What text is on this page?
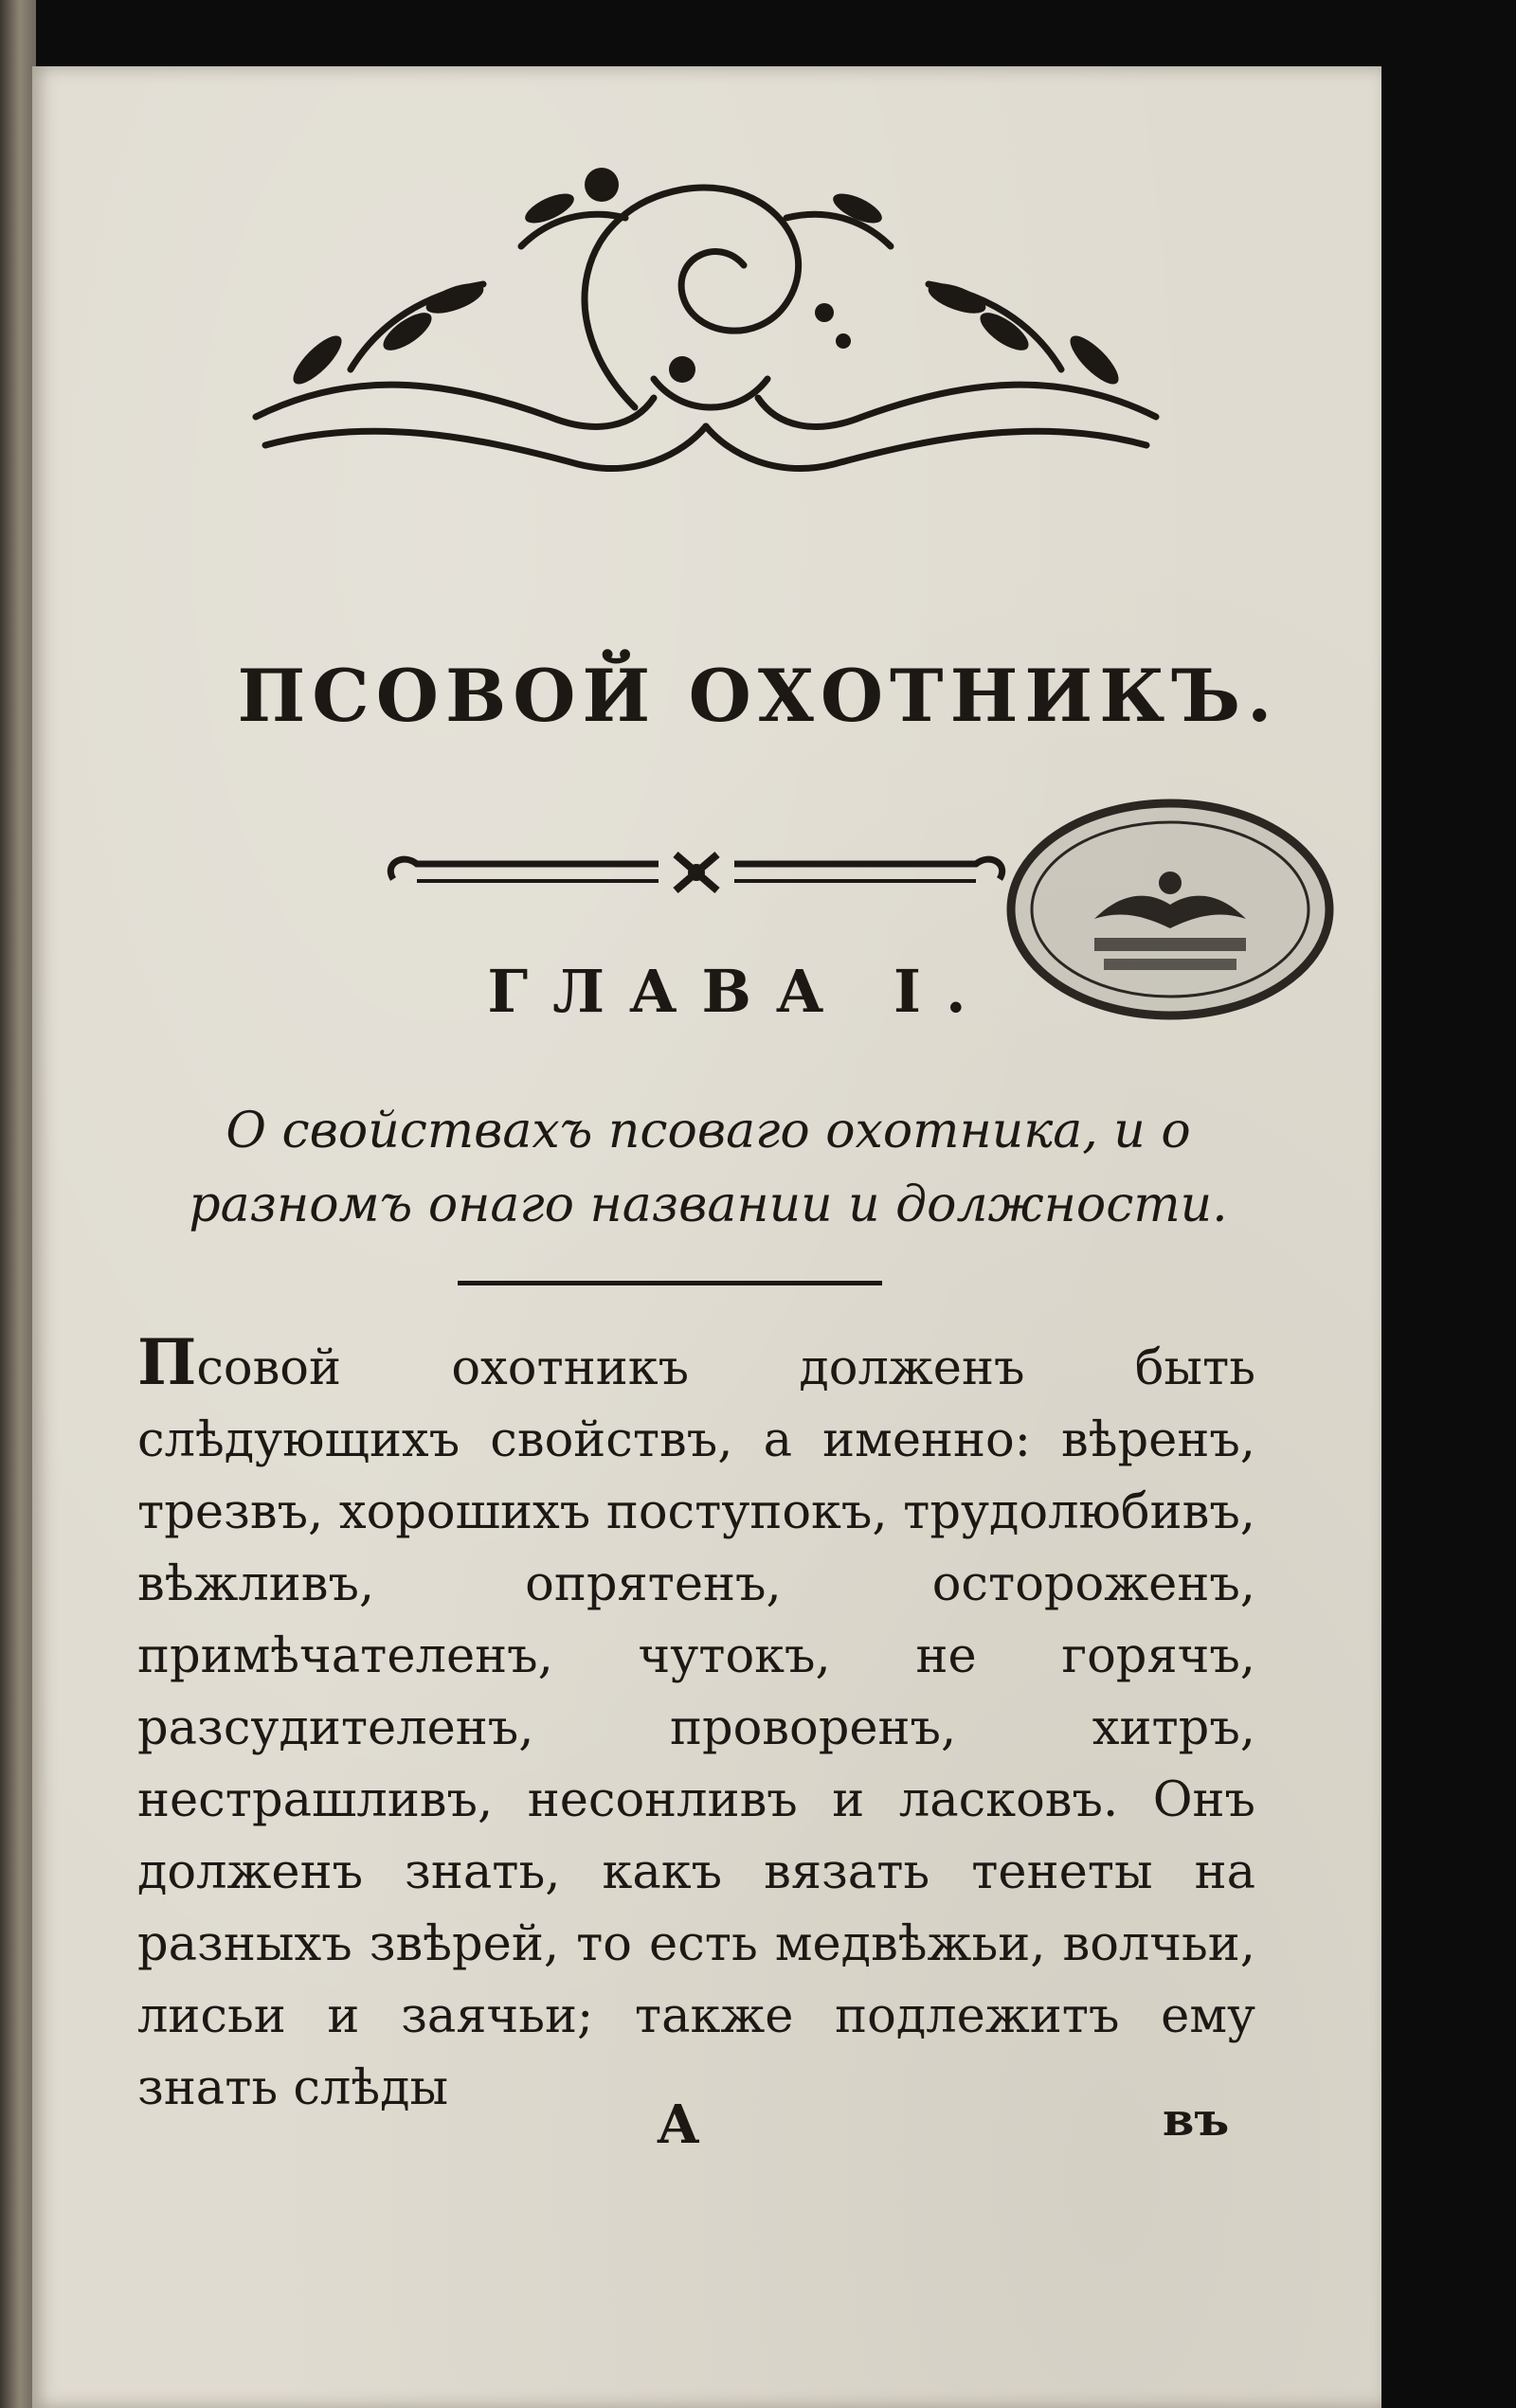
ПСОВОЙ ОХОТНИКЪ.
ГЛАВА I.

О свойствахъ псоваго охотника, и о разномъ онаго названии и должности.

Псовой охотникъ долженъ быть слѣдующихъ свойствъ, а именно: вѣренъ, трезвъ, хорошихъ поступокъ, трудолюбивъ, вѣжливъ, опрятенъ, остороженъ, примѣчателенъ, чутокъ, не горячъ, разсудителенъ, проворенъ, хитръ, нестрашливъ, несонливъ и ласковъ. Онъ долженъ знать, какъ вязать тенеты на разныхъ звѣрей, то есть медвѣжьи, волчьи, лисьи и заячьи; также подлежитъ ему знать слѣды

А	въ
